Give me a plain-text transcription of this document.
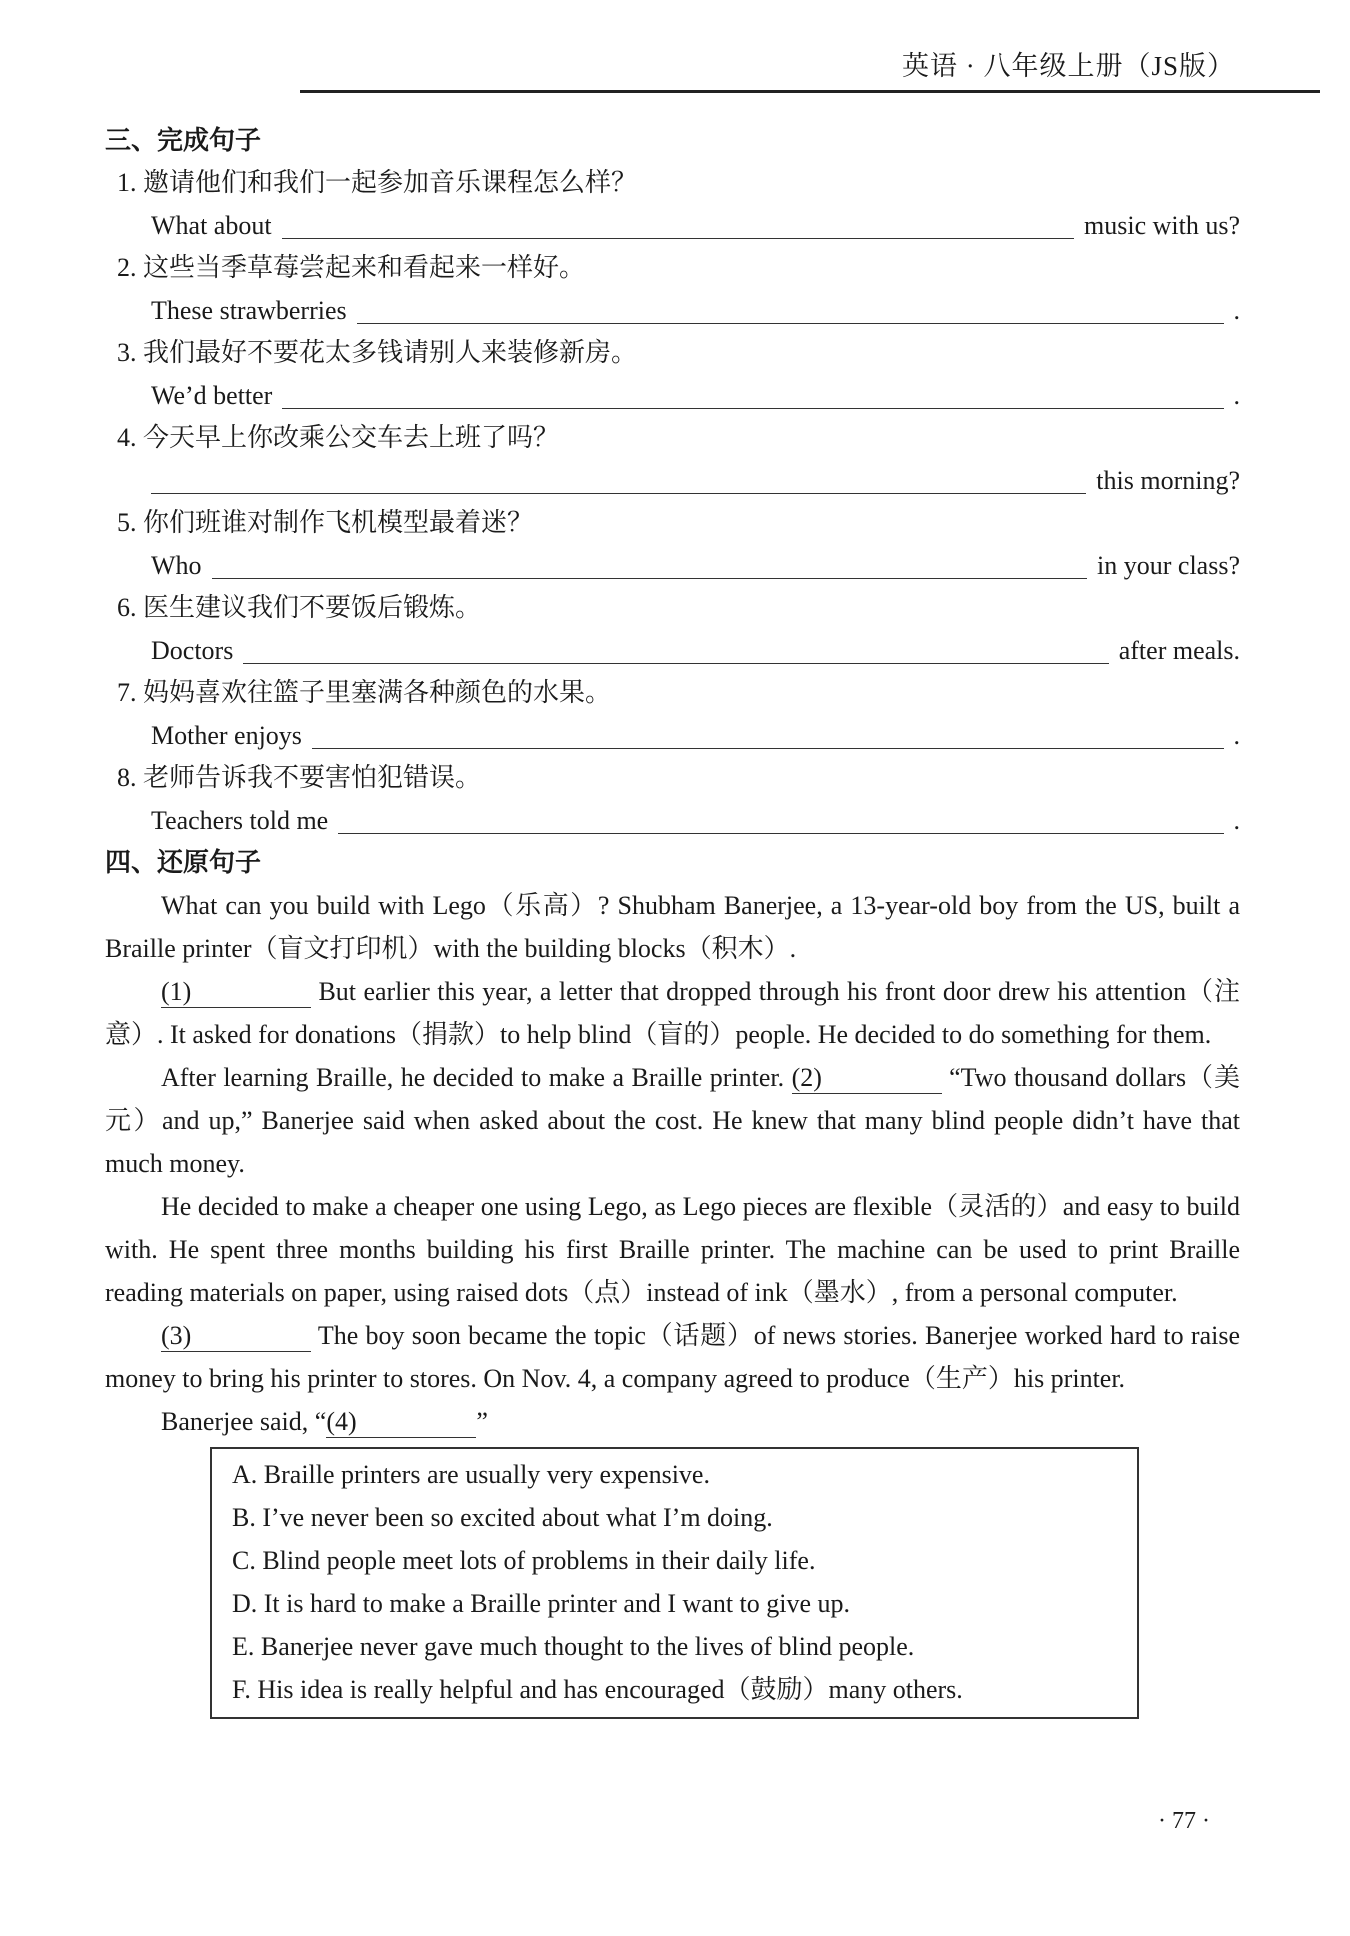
英语 · 八年级上册（JS版）
三、完成句子
1. 邀请他们和我们一起参加音乐课程怎么样？
What about	music with us?
2. 这些当季草莓尝起来和看起来一样好。
These strawberries	.
3. 我们最好不要花太多钱请别人来装修新房。
We’d better	.
4. 今天早上你改乘公交车去上班了吗？
this morning?
5. 你们班谁对制作飞机模型最着迷？
Who	in your class?
6. 医生建议我们不要饭后锻炼。
Doctors	after meals.
7. 妈妈喜欢往篮子里塞满各种颜色的水果。
Mother enjoys	.
8. 老师告诉我不要害怕犯错误。
Teachers told me	.
四、还原句子

What can you build with Lego（乐高）? Shubham Banerjee, a 13-year-old boy from the US, built a Braille printer（盲文打印机）with the building blocks（积木）.

(1)	But earlier this year, a letter that dropped through his front door drew his attention（注意）. It asked for donations（捐款）to help blind（盲的）people. He decided to do something for them.

After learning Braille, he decided to make a Braille printer. (2)	“Two thousand dollars（美元）and up,” Banerjee said when asked about the cost. He knew that many blind people didn’t have that much money.

He decided to make a cheaper one using Lego, as Lego pieces are flexible（灵活的）and easy to build with. He spent three months building his first Braille printer. The machine can be used to print Braille reading materials on paper, using raised dots（点）instead of ink（墨水）, from a personal computer.

(3)	The boy soon became the topic（话题）of news stories. Banerjee worked hard to raise money to bring his printer to stores. On Nov. 4, a company agreed to produce（生产）his printer.

Banerjee said, “(4)	”

A. Braille printers are usually very expensive.
B. I’ve never been so excited about what I’m doing.
C. Blind people meet lots of problems in their daily life.
D. It is hard to make a Braille printer and I want to give up.
E. Banerjee never gave much thought to the lives of blind people.
F. His idea is really helpful and has encouraged（鼓励）many others.
· 77 ·
